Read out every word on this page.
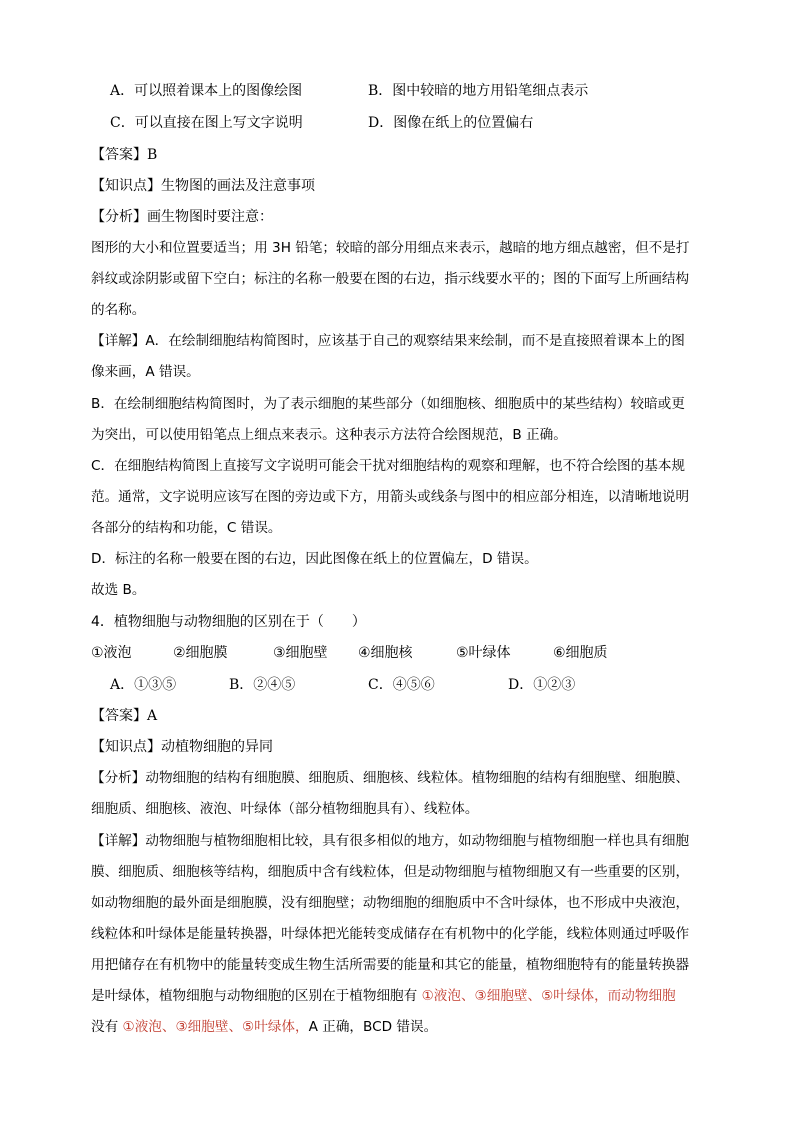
A．可以照着课本上的图像绘图	B．图中较暗的地方用铅笔细点表示
C．可以直接在图上写文字说明	D．图像在纸上的位置偏右
【答案】B
【知识点】生物图的画法及注意事项
【分析】画生物图时要注意：
图形的大小和位置要适当；用 3H 铅笔；较暗的部分用细点来表示，越暗的地方细点越密，但不是打
斜纹或涂阴影或留下空白；标注的名称一般要在图的右边，指示线要水平的；图的下面写上所画结构
的名称。
【详解】A．在绘制细胞结构简图时，应该基于自己的观察结果来绘制，而不是直接照着课本上的图
像来画，A 错误。
B．在绘制细胞结构简图时，为了表示细胞的某些部分（如细胞核、细胞质中的某些结构）较暗或更
为突出，可以使用铅笔点上细点来表示。这种表示方法符合绘图规范，B 正确。
C．在细胞结构简图上直接写文字说明可能会干扰对细胞结构的观察和理解，也不符合绘图的基本规
范。通常，文字说明应该写在图的旁边或下方，用箭头或线条与图中的相应部分相连，以清晰地说明
各部分的结构和功能，C 错误。
D．标注的名称一般要在图的右边，因此图像在纸上的位置偏左，D 错误。
故选 B。
4．植物细胞与动物细胞的区别在于（　　）
①液泡	②细胞膜	③细胞壁 ④细胞核	⑤叶绿体	⑥细胞质
A．①③⑤	B．②④⑤	C．④⑤⑥	D．①②③
【答案】A
【知识点】动植物细胞的异同
【分析】动物细胞的结构有细胞膜、细胞质、细胞核、线粒体。植物细胞的结构有细胞壁、细胞膜、
细胞质、细胞核、液泡、叶绿体（部分植物细胞具有）、线粒体。
【详解】动物细胞与植物细胞相比较，具有很多相似的地方，如动物细胞与植物细胞一样也具有细胞
膜、细胞质、细胞核等结构，细胞质中含有线粒体，但是动物细胞与植物细胞又有一些重要的区别，
如动物细胞的最外面是细胞膜，没有细胞壁；动物细胞的细胞质中不含叶绿体，也不形成中央液泡，
线粒体和叶绿体是能量转换器，叶绿体把光能转变成储存在有机物中的化学能，线粒体则通过呼吸作
用把储存在有机物中的能量转变成生物生活所需要的能量和其它的能量，植物细胞特有的能量转换器
是叶绿体，植物细胞与动物细胞的区别在于植物细胞有 ①液泡、③细胞壁、⑤叶绿体，而动物细胞
没有 ①液泡、③细胞壁、⑤叶绿体，A 正确，BCD 错误。
